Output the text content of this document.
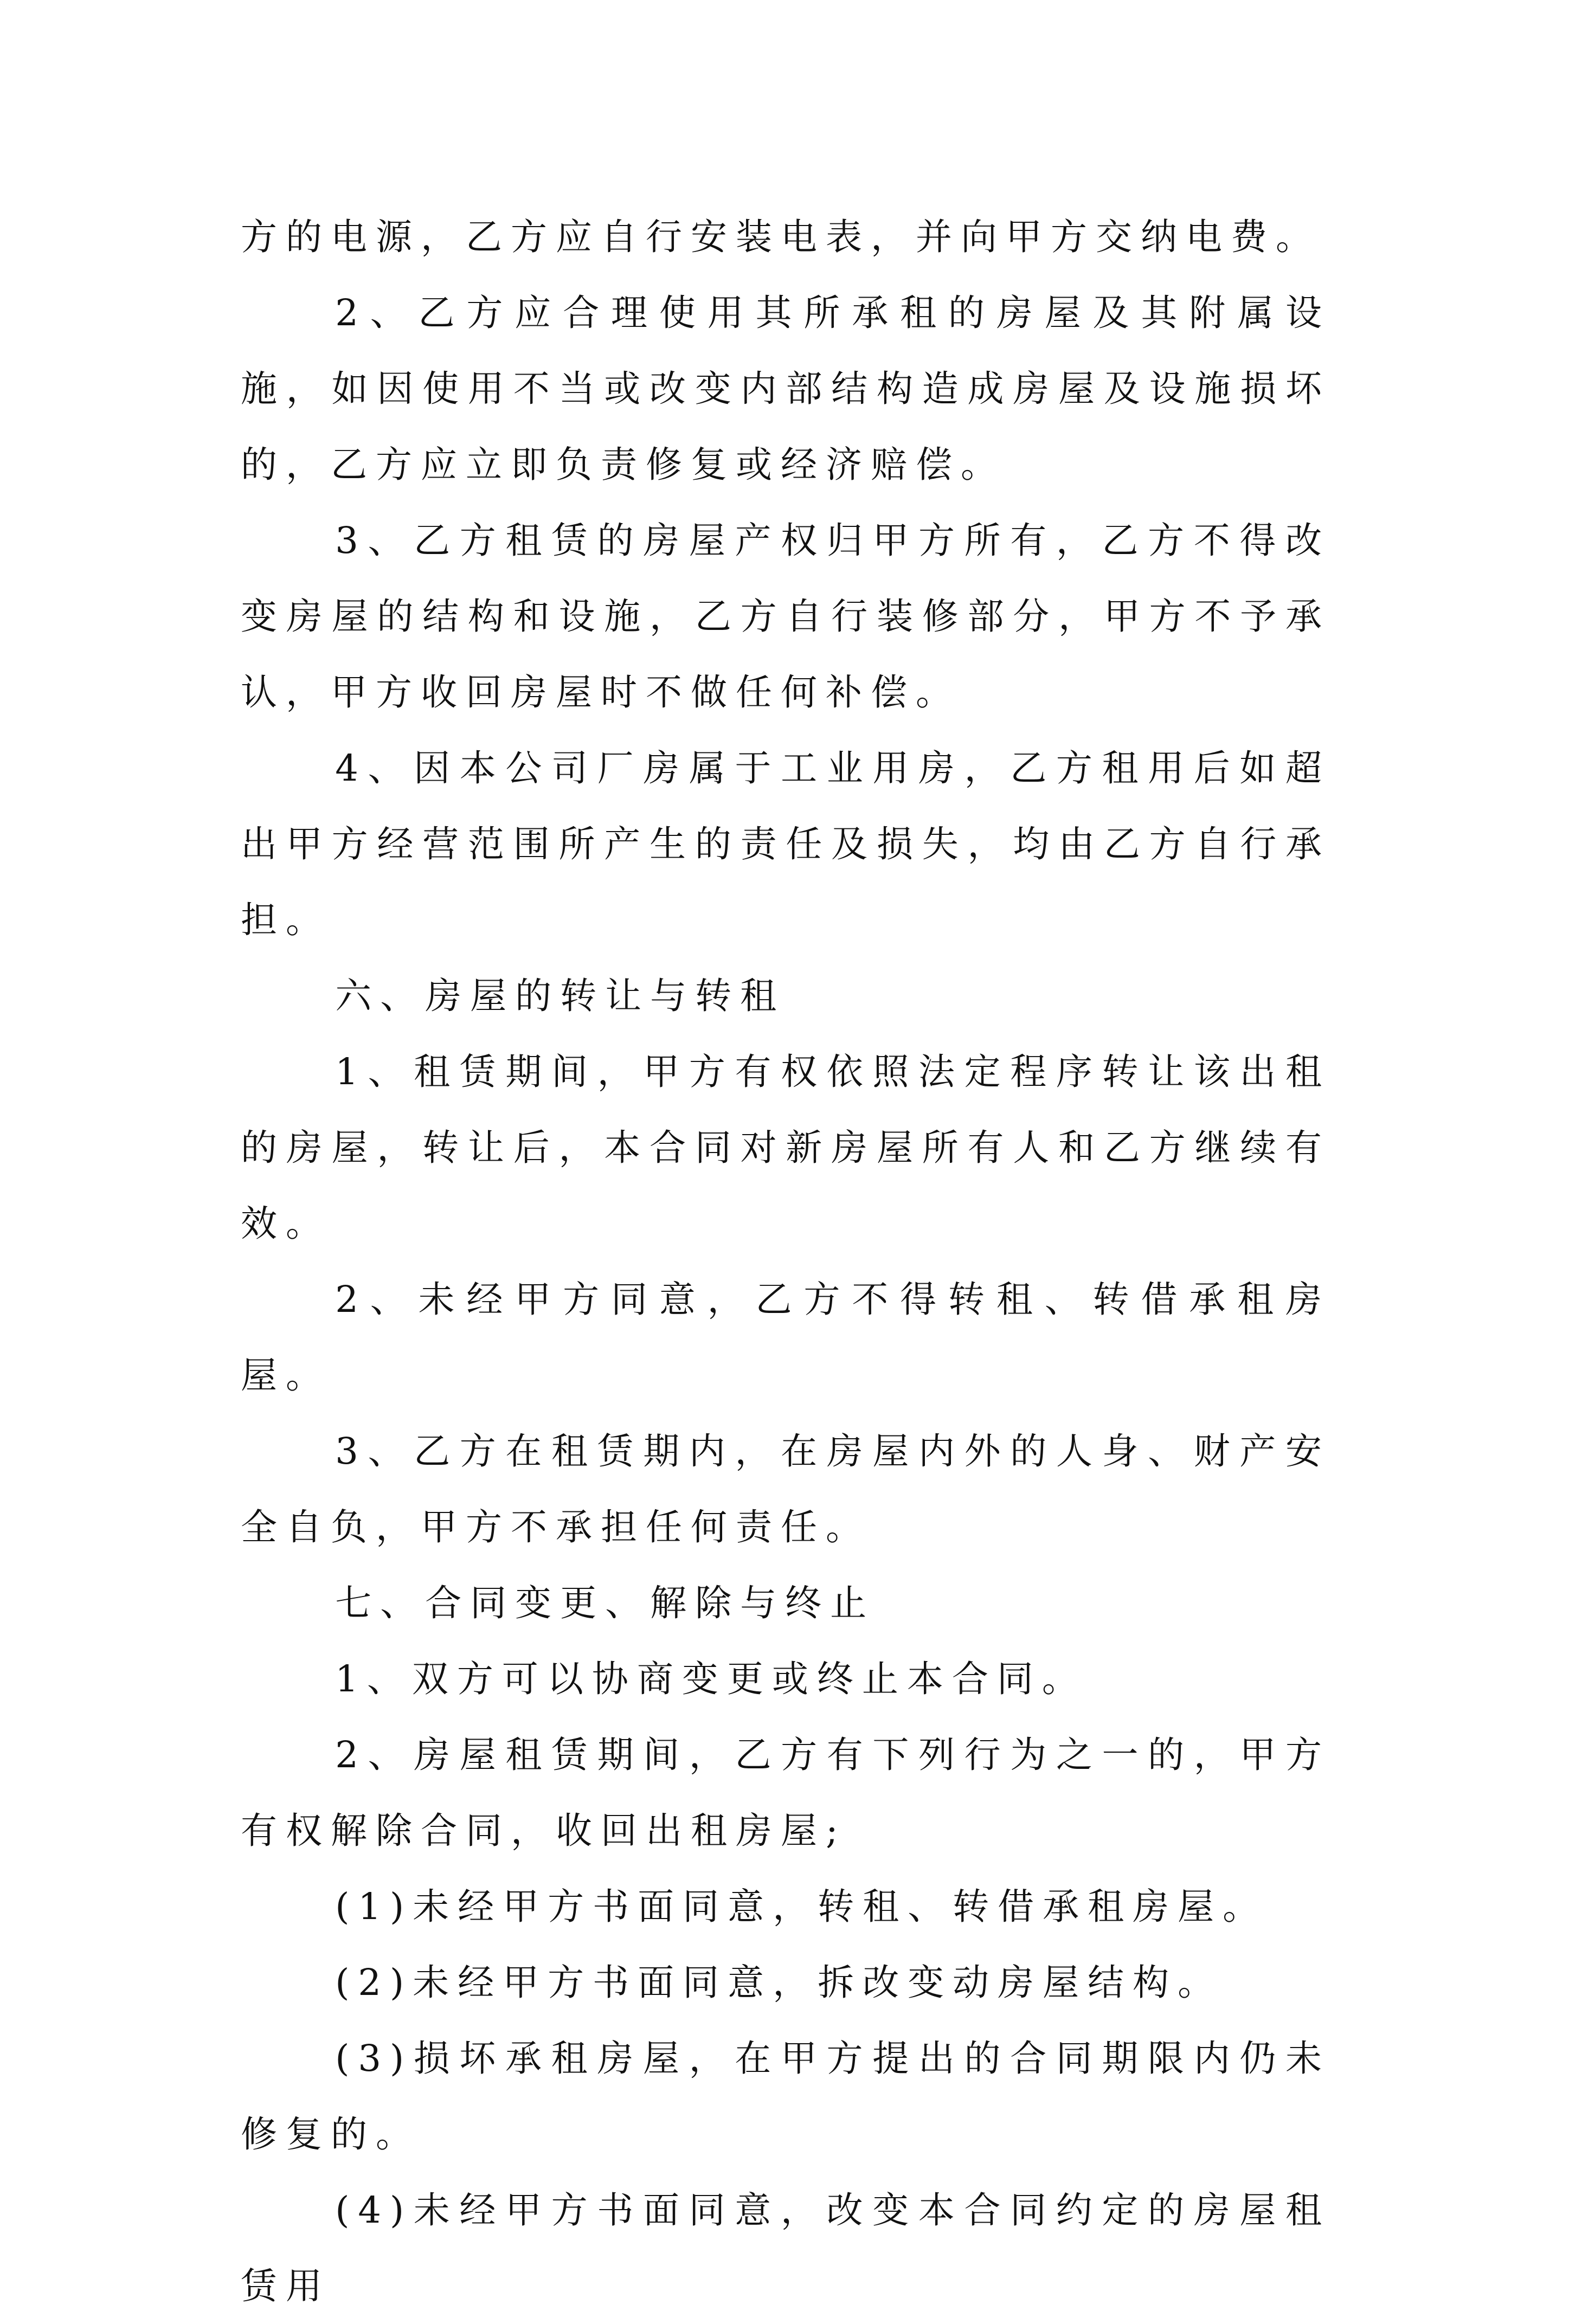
方的电源，乙方应自行安装电表，并向甲方交纳电费。

2、乙方应合理使用其所承租的房屋及其附属设施，如因使用不当或改变内部结构造成房屋及设施损坏的，乙方应立即负责修复或经济赔偿。

3、乙方租赁的房屋产权归甲方所有，乙方不得改变房屋的结构和设施，乙方自行装修部分，甲方不予承认，甲方收回房屋时不做任何补偿。

4、因本公司厂房属于工业用房，乙方租用后如超出甲方经营范围所产生的责任及损失，均由乙方自行承担。

六、房屋的转让与转租

1、租赁期间，甲方有权依照法定程序转让该出租的房屋，转让后，本合同对新房屋所有人和乙方继续有效。

2、未经甲方同意，乙方不得转租、转借承租房屋。

3、乙方在租赁期内，在房屋内外的人身、财产安全自负，甲方不承担任何责任。

七、合同变更、解除与终止

1、双方可以协商变更或终止本合同。

2、房屋租赁期间，乙方有下列行为之一的，甲方有权解除合同，收回出租房屋;

(1)未经甲方书面同意，转租、转借承租房屋。

(2)未经甲方书面同意，拆改变动房屋结构。

(3)损坏承租房屋，在甲方提出的合同期限内仍未修复的。

(4)未经甲方书面同意，改变本合同约定的房屋租赁用
